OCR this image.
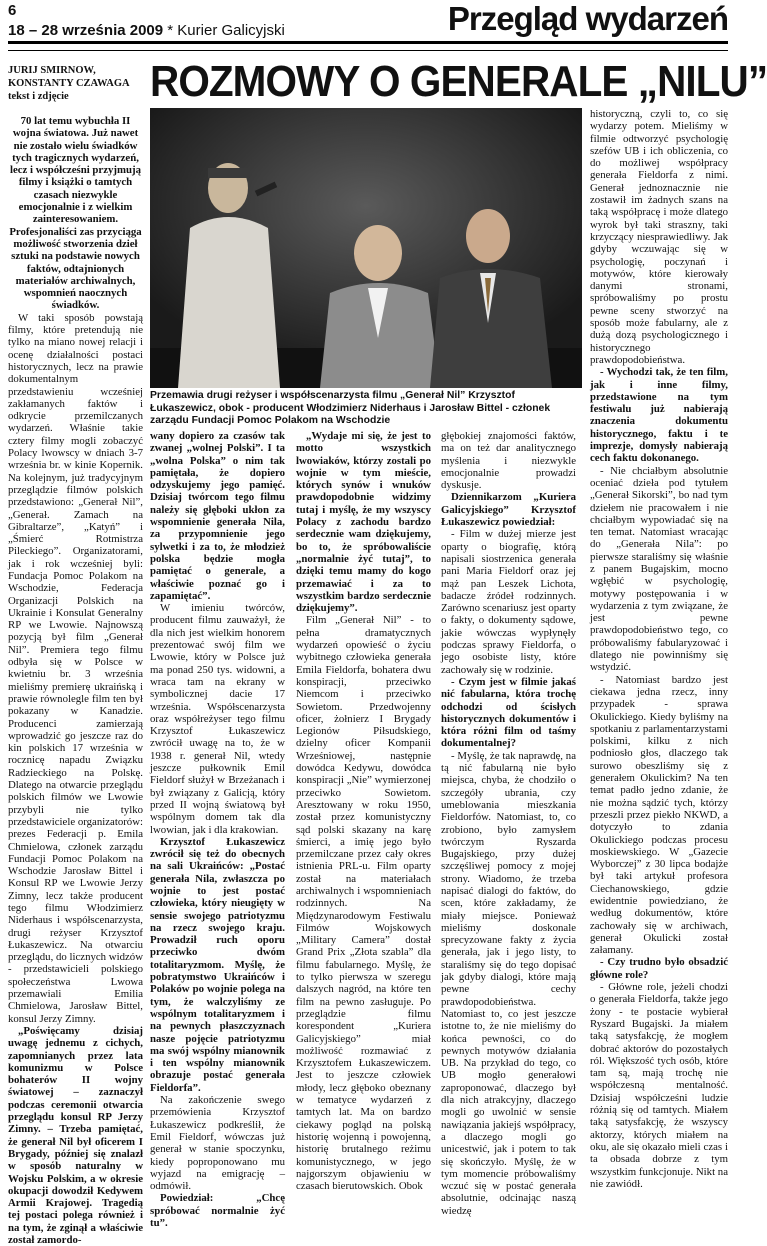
6
18 – 28 września 2009 * Kurier Galicyjski	Przegląd wydarzeń
JURIJ SMIRNOW,
KONSTANTY CZAWAGA
tekst i zdjęcie	ROZMOWY O GENERALE „NILU”
Przemawia drugi reżyser i współscenarzysta filmu „Generał Nil” Krzysztof Łukaszewicz, obok - producent Włodzimierz Niderhaus i Jarosław Bittel - członek zarządu Fundacji Pomoc Polakom na Wschodzie

70 lat temu wybuchła II wojna światowa. Już nawet nie zostało wielu świadków tych tragicznych wydarzeń, lecz i współcześni przyjmują filmy i książki o tamtych czasach niezwykle emocjonalnie i z wielkim zainteresowaniem. Profesjonaliści zas przyciąga możliwość stworzenia dzieł sztuki na podstawie nowych faktów, odtajnionych materiałów archiwalnych, wspomnień naocznych świadków.

W taki sposób powstają filmy, które pretendują nie tylko na miano nowej relacji i ocenę działalności postaci historycznych, lecz na prawie dokumentalnym przedstawieniu wcześniej zakłamanych faktów i odkrycie przemilczanych wydarzeń. Właśnie takie cztery filmy mogli zobaczyć Polacy lwowscy w dniach 3-7 września br. w kinie Kopernik. Na kolejnym, już tradycyjnym przeglądzie filmów polskich przedstawiono: „Generał Nil”, „Generał. Zamach na Gibraltarze”, „Katyń” i „Śmierć Rotmistrza Pileckiego”. Organizatorami, jak i rok wcześniej byli: Fundacja Pomoc Polakom na Wschodzie, Federacja Organizacji Polskich na Ukrainie i Konsulat Generalny RP we Lwowie. Najnowszą pozycją był film „Generał Nil”. Premiera tego filmu odbyła się w Polsce w kwietniu br. 3 września mieliśmy premierę ukraińską i prawie równolegle film ten był pokazany w Kanadzie. Producenci zamierzają wprowadzić go jeszcze raz do kin polskich 17 września w rocznicę napadu Związku Radzieckiego na Polskę. Dlatego na otwarcie przeglądu polskich filmów we Lwowie przybyli nie tylko przedstawiciele organizatorów: prezes Federacji p. Emila Chmielowa, członek zarządu Fundacji Pomoc Polakom na Wschodzie Jarosław Bittel i Konsul RP we Lwowie Jerzy Zimny, lecz także producent tego filmu Włodzimierz Niderhaus i współscenarzysta, drugi reżyser Krzysztof Łukaszewicz. Na otwarciu przeglądu, do licznych widzów - przedstawicieli polskiego społeczeństwa Lwowa przemawiali Emilia Chmielowa, Jarosław Bittel, konsul Jerzy Zimny.

„Poświęcamy dzisiaj uwagę jednemu z cichych, zapomnianych przez lata komunizmu w Polsce bohaterów II wojny światowej – zaznaczył podczas ceremonii otwarcia przeglądu konsul RP Jerzy Zimny. – Trzeba pamiętać, że generał Nil był oficerem I Brygady, później się znalazł w sposób naturalny w Wojsku Polskim, a w okresie okupacji dowodził Kedywem Armii Krajowej. Tragedią tej postaci polega również i na tym, że zginął a właściwie został zamordo-

wany dopiero za czasów tak zwanej „wolnej Polski”. I ta „wolna Polska” o nim tak pamiętała, że dopiero odzyskujemy jego pamięć. Dzisiaj twórcom tego filmu należy się głęboki ukłon za wspomnienie generała Nila, za przypomnienie jego sylwetki i za to, że młodzież polska będzie mogła pamiętać o generale, a właściwie poznać go i zapamiętać”.

W imieniu twórców, producent filmu zauważył, że dla nich jest wielkim honorem prezentować swój film we Lwowie, który w Polsce już ma ponad 250 tys. widowni, a wraca tam na ekrany w symbolicznej dacie 17 września. Współscenarzysta oraz współreżyser tego filmu Krzysztof Łukaszewicz zwrócił uwagę na to, że w 1938 r. generał Nil, wtedy jeszcze pułkownik Emil Fieldorf służył w Brzeżanach i był związany z Galicją, który przed II wojną światową był wspólnym domem tak dla lwowian, jak i dla krakowian.

Krzysztof Łukaszewicz zwrócił się też do obecnych na sali Ukraińców: „Postać generała Nila, zwłaszcza po wojnie to jest postać człowieka, który nieugięty w sensie swojego patriotyzmu na rzecz swojego kraju. Prowadził ruch oporu przeciwko dwóm totalitaryzmom. Myślę, że pobratymstwo Ukraińców i Polaków po wojnie polega na tym, że walczyliśmy ze wspólnym totalitaryzmem i na pewnych płaszczyznach nasze pojęcie patriotyzmu ma swój wspólny mianownik i ten wspólny mianownik obrazuje postać generała Fieldorfa”.

Na zakończenie swego przemówienia Krzysztof Łukaszewicz podkreślił, że Emil Fieldorf, wówczas już generał w stanie spoczynku, kiedy poproponowano mu wyjazd na emigrację – odmówił.

Powiedział: „Chcę spróbować normalnie żyć tu”.

„Wydaje mi się, że jest to motto wszystkich lwowiaków, którzy zostali po wojnie w tym mieście, których synów i wnuków prawdopodobnie widzimy tutaj i myślę, że my wszyscy Polacy z zachodu bardzo serdecznie wam dziękujemy, bo to, że spróbowaliście „normalnie żyć tutaj”, to dzięki temu mamy do kogo przemawiać i za to wszystkim bardzo serdecznie dziękujemy”.

Film „Generał Nil” - to pełna dramatycznych wydarzeń opowieść o życiu wybitnego człowieka generała Emila Fieldorfa, bohatera dwu konspiracji, przeciwko Niemcom i przeciwko Sowietom. Przedwojenny oficer, żołnierz I Brygady Legionów Piłsudskiego, dzielny oficer Kompanii Wrześniowej, następnie dowódca Kedywu, dowódca konspiracji „Nie” wymierzonej przeciwko Sowietom. Aresztowany w roku 1950, został przez komunistyczny sąd polski skazany na karę śmierci, a imię jego było przemilczane przez cały okres istnienia PRL-u. Film oparty został na materiałach archiwalnych i wspomnieniach rodzinnych. Na Międzynarodowym Festiwalu Filmów Wojskowych „Military Camera” dostał Grand Prix „Złota szabla” dla filmu fabularnego. Myślę, że to tylko pierwsza w szeregu dalszych nagród, na które ten film na pewno zasługuje. Po przeglądzie filmu korespondent „Kuriera Galicyjskiego” miał możliwość rozmawiać z Krzysztofem Łukaszewiczem. Jest to jeszcze człowiek młody, lecz głęboko obeznany w tematyce wydarzeń z tamtych lat. Ma on bardzo ciekawy pogląd na polską historię wojenną i powojenną, historię brutalnego reżimu komunistycznego, w jego najgorszym objawieniu w czasach bierutowskich. Obok

głębokiej znajomości faktów, ma on też dar analitycznego myślenia i niezwykle emocjonalnie prowadzi dyskusje.

Dziennikarzom „Kuriera Galicyjskiego” Krzysztof Łukaszewicz powiedział:

- Film w dużej mierze jest oparty o biografię, którą napisali siostrzenica generała pani Maria Fieldorf oraz jej mąż pan Leszek Lichota, badacze źródeł rodzinnych. Zarówno scenariusz jest oparty o fakty, o dokumenty sądowe, jakie wówczas wypłynęły podczas sprawy Fieldorfa, o jego osobiste listy, które zachowały się w rodzinie.

- Czym jest w filmie jakaś nić fabularna, która trochę odchodzi od ścisłych historycznych dokumentów i która różni film od taśmy dokumentalnej?

- Myślę, że tak naprawdę, na tą nić fabularną nie było miejsca, chyba, że chodziło o szczegóły ubrania, czy umeblowania mieszkania Fieldorfów. Natomiast, to, co zrobiono, było zamysłem twórczym Ryszarda Bugajskiego, przy dużej szczęśliwej pomocy z mojej strony. Wiadomo, że trzeba napisać dialogi do faktów, do scen, które zakładamy, że miały miejsce. Ponieważ mieliśmy doskonale sprecyzowane fakty z życia generała, jak i jego listy, to staraliśmy się do tego dopisać jak gdyby dialogi, które mają pewne cechy prawdopodobieństwa. Natomiast to, co jest jeszcze istotne to, że nie mieliśmy do końca pewności, co do pewnych motywów działania UB. Na przykład do tego, co UB mogło generałowi zaproponować, dlaczego był dla nich atrakcyjny, dlaczego mogli go uwolnić w sensie nawiązania jakiejś współpracy, a dlaczego mogli go unicestwić, jak i potem to tak się skończyło. Myślę, że w tym momencie próbowaliśmy wczuć się w postać generała absolutnie, odcinając naszą wiedzę

historyczną, czyli to, co się wydarzy potem. Mieliśmy w filmie odtworzyć psychologię szefów UB i ich obliczenia, co do możliwej współpracy generała Fieldorfa z nimi. Generał jednoznacznie nie zostawił im żadnych szans na taką współpracę i może dlatego wyrok był taki straszny, taki krzyczący niesprawiedliwy. Jak gdyby wczuwając się w psychologię, poczynań i motywów, które kierowały danymi stronami, spróbowaliśmy po prostu pewne sceny stworzyć na sposób może fabularny, ale z dużą dozą psychologicznego i historycznego prawdopodobieństwa.

- Wychodzi tak, że ten film, jak i inne filmy, przedstawione na tym festiwalu już nabierają znaczenia dokumentu historycznego, faktu i te imprezje, domysły nabierają cech faktu dokonanego.

- Nie chciałbym absolutnie oceniać dzieła pod tytułem „Generał Sikorski”, bo nad tym dziełem nie pracowałem i nie chciałbym wypowiadać się na ten temat. Natomiast wracając do „Generała Nila”: po pierwsze staraliśmy się właśnie z panem Bugajskim, mocno wgłębić w psychologię, motywy postępowania i w wydarzenia z tym związane, że jest pewne prawdopodobieństwo tego, co próbowaliśmy fabularyzować i dlatego nie powinniśmy się wstydzić.

- Natomiast bardzo jest ciekawa jedna rzecz, inny przypadek - sprawa Okulickiego. Kiedy byliśmy na spotkaniu z parlamentarzystami polskimi, kilku z nich podniosło głos, dlaczego tak surowo obeszliśmy się z generałem Okulickim? Na ten temat padło jedno zdanie, że nie można sądzić tych, którzy przeszli przez piekło NKWD, a dotyczyło to zdania Okulickiego podczas procesu moskiewskiego. W „Gazecie Wyborczej” z 30 lipca bodajże był taki artykuł profesora Ciechanowskiego, gdzie ewidentnie powiedziano, że według dokumentów, które zachowały się w archiwach, generał Okulicki został załamany.

- Czy trudno było obsadzić główne role?

- Główne role, jeżeli chodzi o generała Fieldorfa, także jego żony - te postacie wybierał Ryszard Bugajski. Ja miałem taką satysfakcję, że mogłem dobrać aktorów do pozostałych ról. Większość tych osób, które tam są, mają trochę nie współczesną mentalność. Dzisiaj współcześni ludzie różnią się od tamtych. Miałem taką satysfakcję, że wszyscy aktorzy, których miałem na oku, ale się okazało mieli czas i ta obsada dobrze z tym wszystkim funkcjonuje. Nikt na nie zawiódł.
